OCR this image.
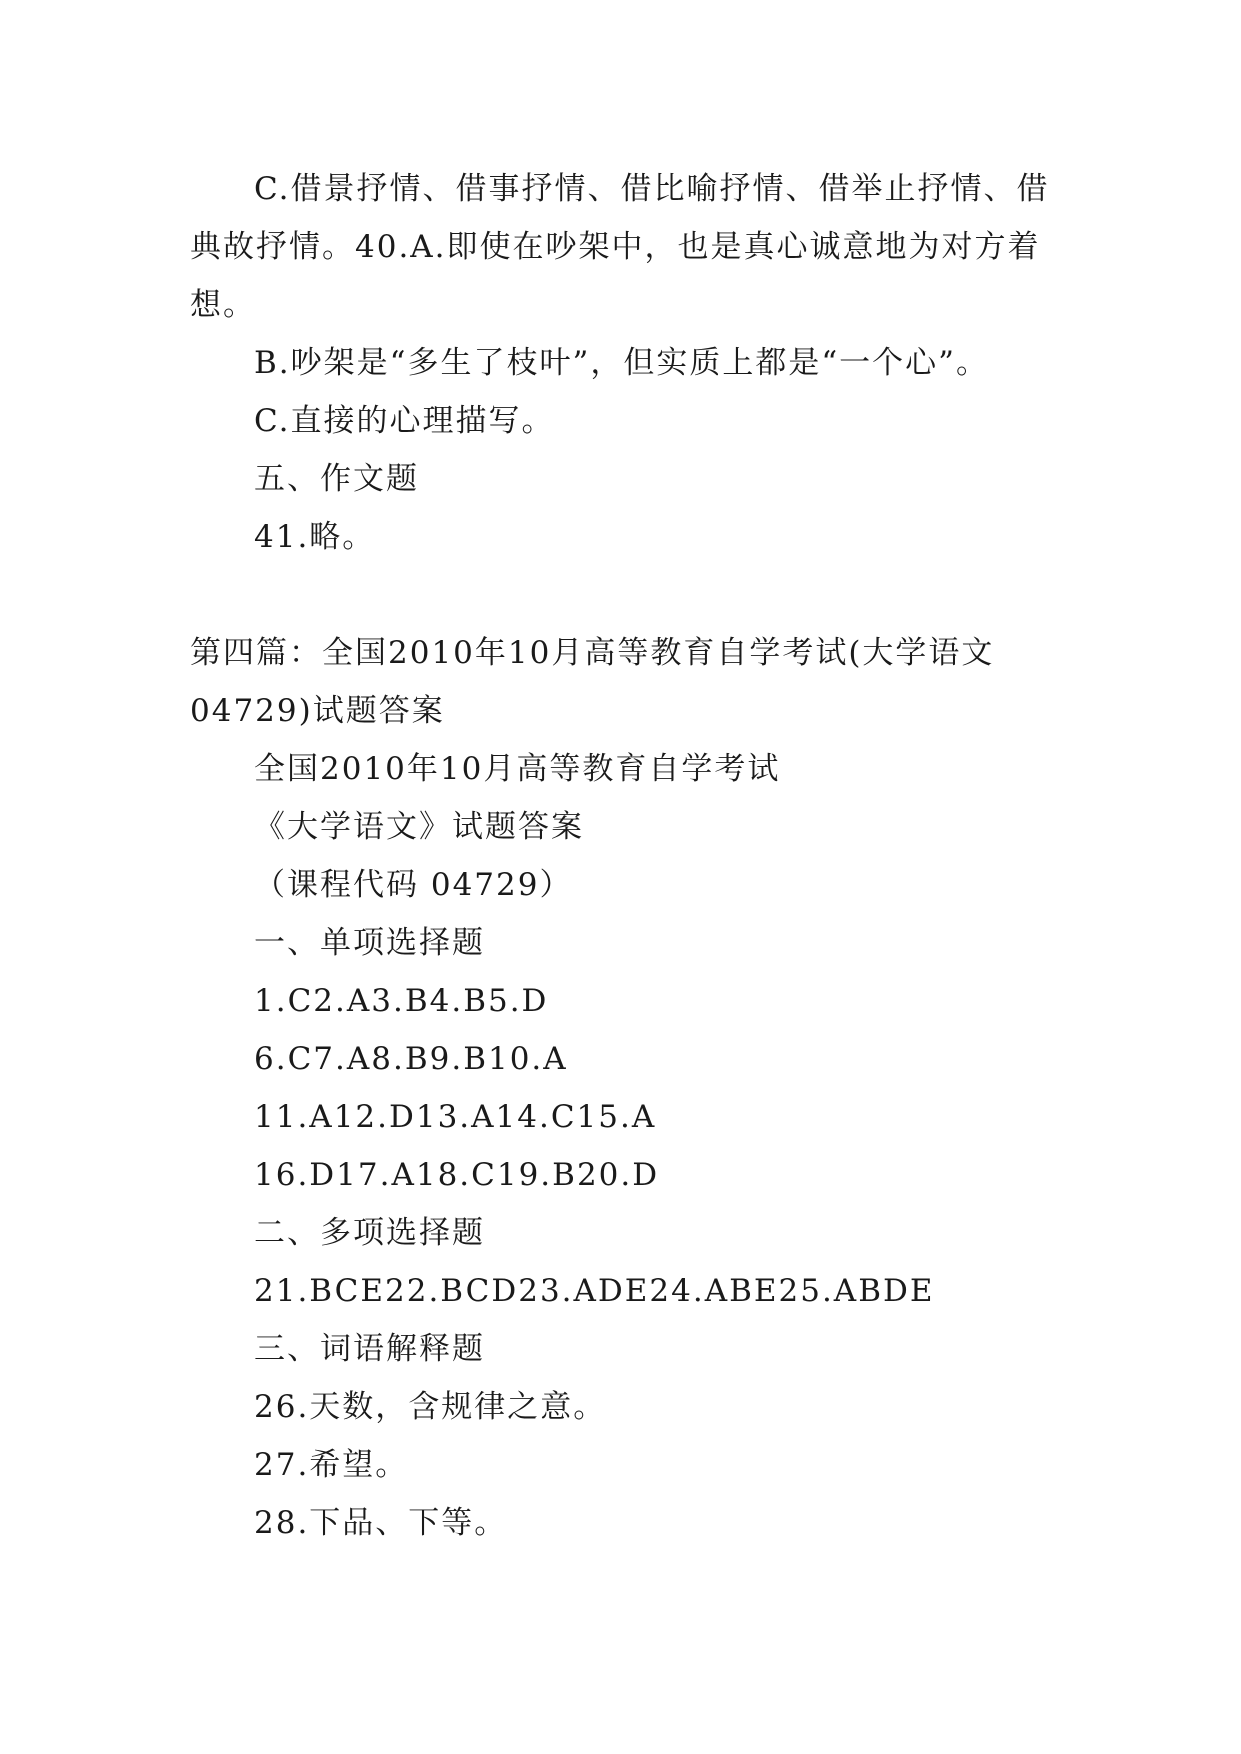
C.借景抒情、借事抒情、借比喻抒情、借举止抒情、借典故抒情。40.A.即使在吵架中，也是真心诚意地为对方着想。

B.吵架是“多生了枝叶”，但实质上都是“一个心”。

C.直接的心理描写。

五、作文题

41.略。

第四篇：全国2010年10月高等教育自学考试(大学语文04729)试题答案

全国2010年10月高等教育自学考试

《大学语文》试题答案

（课程代码 04729）

一、单项选择题

1.C2.A3.B4.B5.D

6.C7.A8.B9.B10.A

11.A12.D13.A14.C15.A

16.D17.A18.C19.B20.D

二、多项选择题

21.BCE22.BCD23.ADE24.ABE25.ABDE

三、词语解释题

26.天数，含规律之意。

27.希望。

28.下品、下等。
